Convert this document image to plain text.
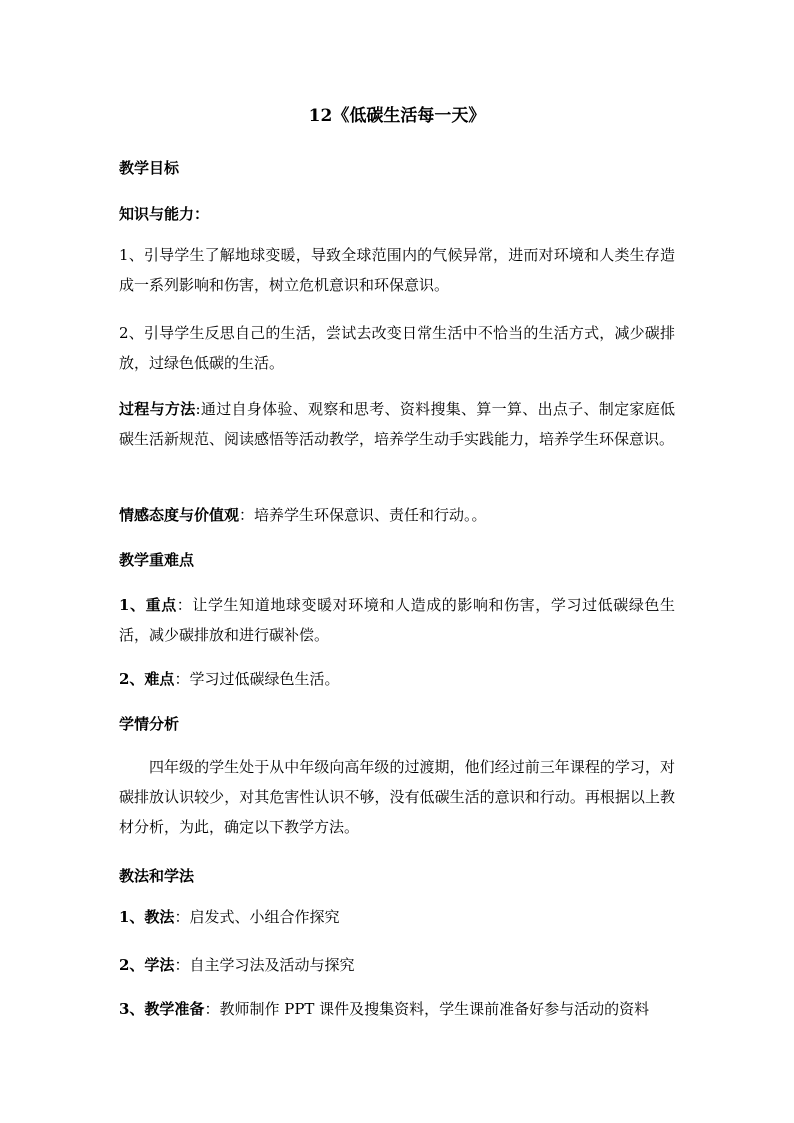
12《低碳生活每一天》
教学目标
知识与能力：
1、引导学生了解地球变暖，导致全球范围内的气候异常，进而对环境和人类生存造成一系列影响和伤害，树立危机意识和环保意识。
2、引导学生反思自己的生活，尝试去改变日常生活中不恰当的生活方式，减少碳排放，过绿色低碳的生活。
过程与方法:通过自身体验、观察和思考、资料搜集、算一算、出点子、制定家庭低碳生活新规范、阅读感悟等活动教学，培养学生动手实践能力，培养学生环保意识。
情感态度与价值观：培养学生环保意识、责任和行动。。
教学重难点
1、重点：让学生知道地球变暖对环境和人造成的影响和伤害，学习过低碳绿色生活，减少碳排放和进行碳补偿。
2、难点：学习过低碳绿色生活。
学情分析
四年级的学生处于从中年级向高年级的过渡期，他们经过前三年课程的学习，对碳排放认识较少，对其危害性认识不够，没有低碳生活的意识和行动。再根据以上教材分析，为此，确定以下教学方法。
教法和学法
1、教法：启发式、小组合作探究
2、学法：自主学习法及活动与探究
3、教学准备：教师制作 PPT 课件及搜集资料，学生课前准备好参与活动的资料
